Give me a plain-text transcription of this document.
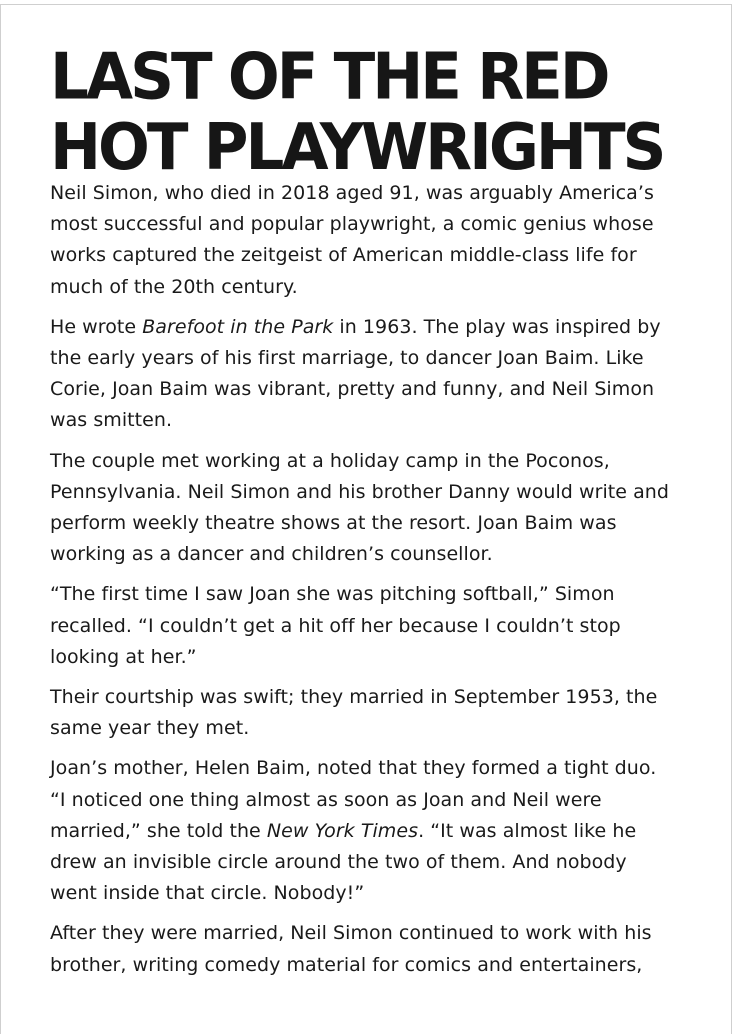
LAST OF THE RED HOT PLAYWRIGHTS

Neil Simon, who died in 2018 aged 91, was arguably America’s most successful and popular playwright, a comic genius whose works captured the zeitgeist of American middle-class life for much of the 20th century.

He wrote Barefoot in the Park in 1963. The play was inspired by the early years of his first marriage, to dancer Joan Baim. Like Corie, Joan Baim was vibrant, pretty and funny, and Neil Simon was smitten.

The couple met working at a holiday camp in the Poconos, Pennsylvania. Neil Simon and his brother Danny would write and perform weekly theatre shows at the resort. Joan Baim was working as a dancer and children’s counsellor.

“The first time I saw Joan she was pitching softball,” Simon recalled. “I couldn’t get a hit off her because I couldn’t stop looking at her.”

Their courtship was swift; they married in September 1953, the same year they met.

Joan’s mother, Helen Baim, noted that they formed a tight duo. “I noticed one thing almost as soon as Joan and Neil were married,” she told the New York Times. “It was almost like he drew an invisible circle around the two of them. And nobody went inside that circle. Nobody!”

After they were married, Neil Simon continued to work with his brother, writing comedy material for comics and entertainers,
